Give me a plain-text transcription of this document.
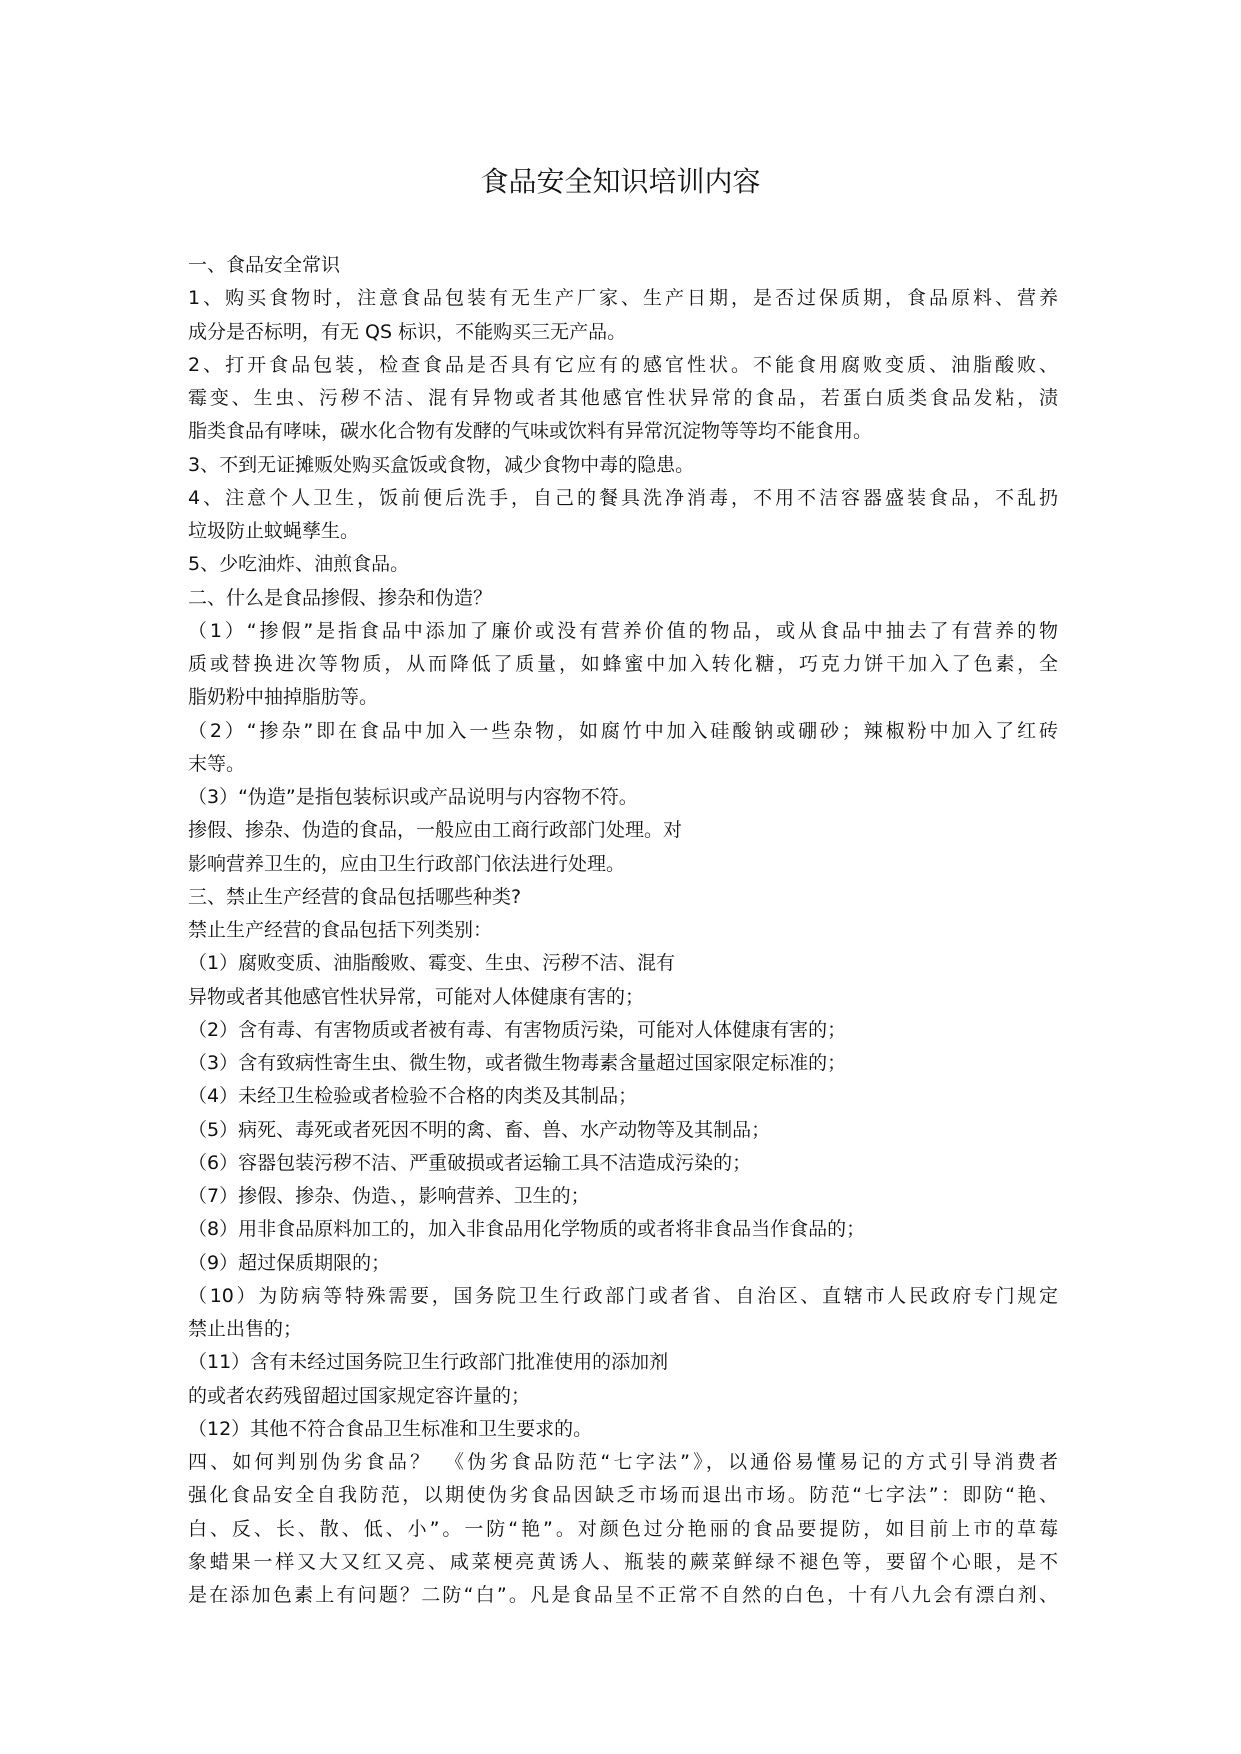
食品安全知识培训内容
一、食品安全常识
1、购买食物时，注意食品包装有无生产厂家、生产日期，是否过保质期，食品原料、营养
成分是否标明，有无 QS 标识，不能购买三无产品。
2、打开食品包装，检查食品是否具有它应有的感官性状。不能食用腐败变质、油脂酸败、
霉变、生虫、污秽不洁、混有异物或者其他感官性状异常的食品，若蛋白质类食品发粘，渍
脂类食品有哮味，碳水化合物有发酵的气味或饮料有异常沉淀物等等均不能食用。
3、不到无证摊贩处购买盒饭或食物，减少食物中毒的隐患。
4、注意个人卫生，饭前便后洗手，自己的餐具洗净消毒，不用不洁容器盛装食品，不乱扔
垃圾防止蚊蝇孳生。
5、少吃油炸、油煎食品。
二、什么是食品掺假、掺杂和伪造？
（1）“掺假”是指食品中添加了廉价或没有营养价值的物品，或从食品中抽去了有营养的物
质或替换进次等物质，从而降低了质量，如蜂蜜中加入转化糖，巧克力饼干加入了色素，全
脂奶粉中抽掉脂肪等。
（2）“掺杂”即在食品中加入一些杂物，如腐竹中加入硅酸钠或硼砂；辣椒粉中加入了红砖
末等。
（3）“伪造”是指包装标识或产品说明与内容物不符。
掺假、掺杂、伪造的食品，一般应由工商行政部门处理。对
影响营养卫生的，应由卫生行政部门依法进行处理。
三、禁止生产经营的食品包括哪些种类?
禁止生产经营的食品包括下列类别：
（1）腐败变质、油脂酸败、霉变、生虫、污秽不洁、混有
异物或者其他感官性状异常，可能对人体健康有害的；
（2）含有毒、有害物质或者被有毒、有害物质污染，可能对人体健康有害的；
（3）含有致病性寄生虫、微生物，或者微生物毒素含量超过国家限定标准的；
（4）未经卫生检验或者检验不合格的肉类及其制品；
（5）病死、毒死或者死因不明的禽、畜、兽、水产动物等及其制品；
（6）容器包装污秽不洁、严重破损或者运输工具不洁造成污染的；
（7）掺假、掺杂、伪造、，影响营养、卫生的；
（8）用非食品原料加工的，加入非食品用化学物质的或者将非食品当作食品的；
（9）超过保质期限的；
（10）为防病等特殊需要，国务院卫生行政部门或者省、自治区、直辖市人民政府专门规定
禁止出售的；
（11）含有未经过国务院卫生行政部门批准使用的添加剂
的或者农药残留超过国家规定容许量的；
（12）其他不符合食品卫生标准和卫生要求的。
四、如何判别伪劣食品？　《伪劣食品防范“七字法”》，以通俗易懂易记的方式引导消费者
强化食品安全自我防范，以期使伪劣食品因缺乏市场而退出市场。防范“七字法”：即防“艳、
白、反、长、散、低、小”。一防“艳”。对颜色过分艳丽的食品要提防，如目前上市的草莓
象蜡果一样又大又红又亮、咸菜梗亮黄诱人、瓶装的蕨菜鲜绿不褪色等，要留个心眼，是不
是在添加色素上有问题？二防“白”。凡是食品呈不正常不自然的白色，十有八九会有漂白剂、
